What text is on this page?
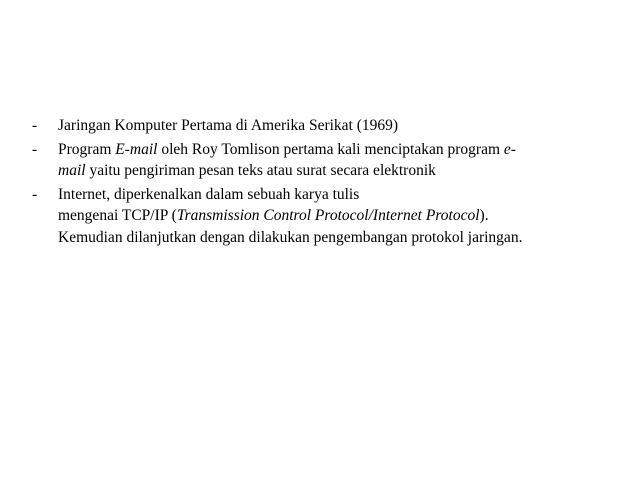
- Jaringan Komputer Pertama di Amerika Serikat (1969)
- Program E-mail oleh Roy Tomlison pertama kali menciptakan program e-
mail yaitu pengiriman pesan teks atau surat secara elektronik
- Internet, diperkenalkan dalam sebuah karya tulis
mengenai TCP/IP (Transmission Control Protocol/Internet Protocol).
Kemudian dilanjutkan dengan dilakukan pengembangan protokol jaringan.
